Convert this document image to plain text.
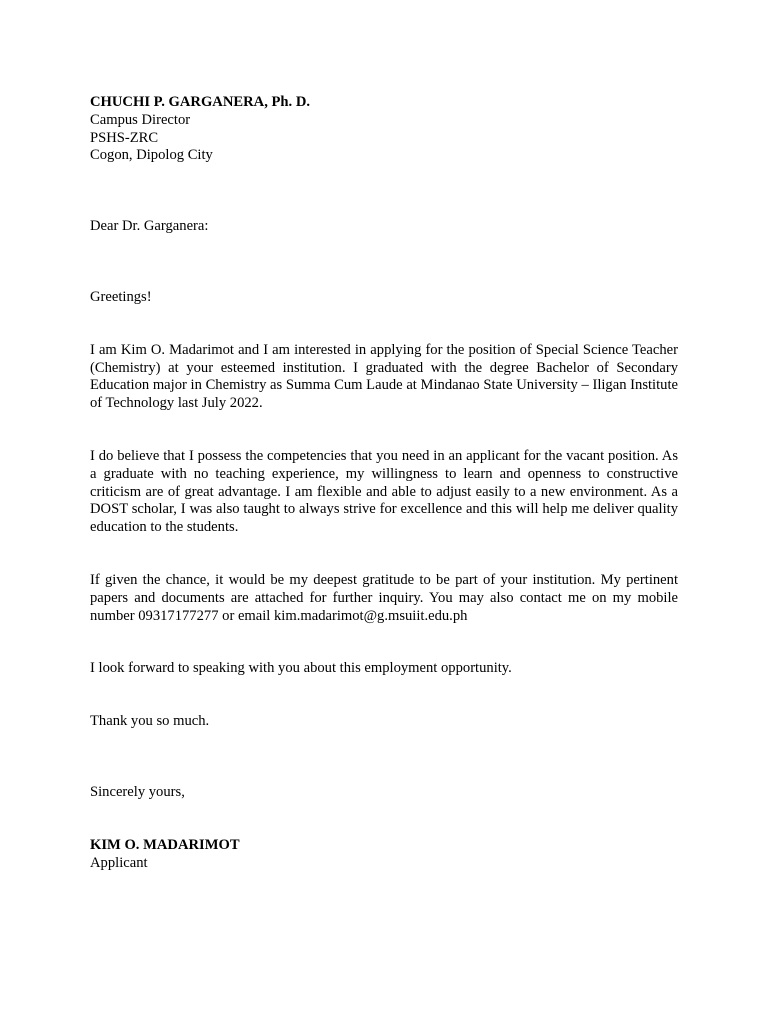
CHUCHI P. GARGANERA, Ph. D.
Campus Director
PSHS-ZRC
Cogon, Dipolog City

Dear Dr. Garganera:

Greetings!

I am Kim O. Madarimot and I am interested in applying for the position of Special Science Teacher (Chemistry) at your esteemed institution. I graduated with the degree Bachelor of Secondary Education major in Chemistry as Summa Cum Laude at Mindanao State University – Iligan Institute of Technology last July 2022.

I do believe that I possess the competencies that you need in an applicant for the vacant position. As a graduate with no teaching experience, my willingness to learn and openness to constructive criticism are of great advantage. I am flexible and able to adjust easily to a new environment. As a DOST scholar, I was also taught to always strive for excellence and this will help me deliver quality education to the students.

If given the chance, it would be my deepest gratitude to be part of your institution. My pertinent papers and documents are attached for further inquiry. You may also contact me on my mobile number 09317177277 or email kim.madarimot@g.msuiit.edu.ph

I look forward to speaking with you about this employment opportunity.

Thank you so much.

Sincerely yours,

KIM O. MADARIMOT
Applicant
